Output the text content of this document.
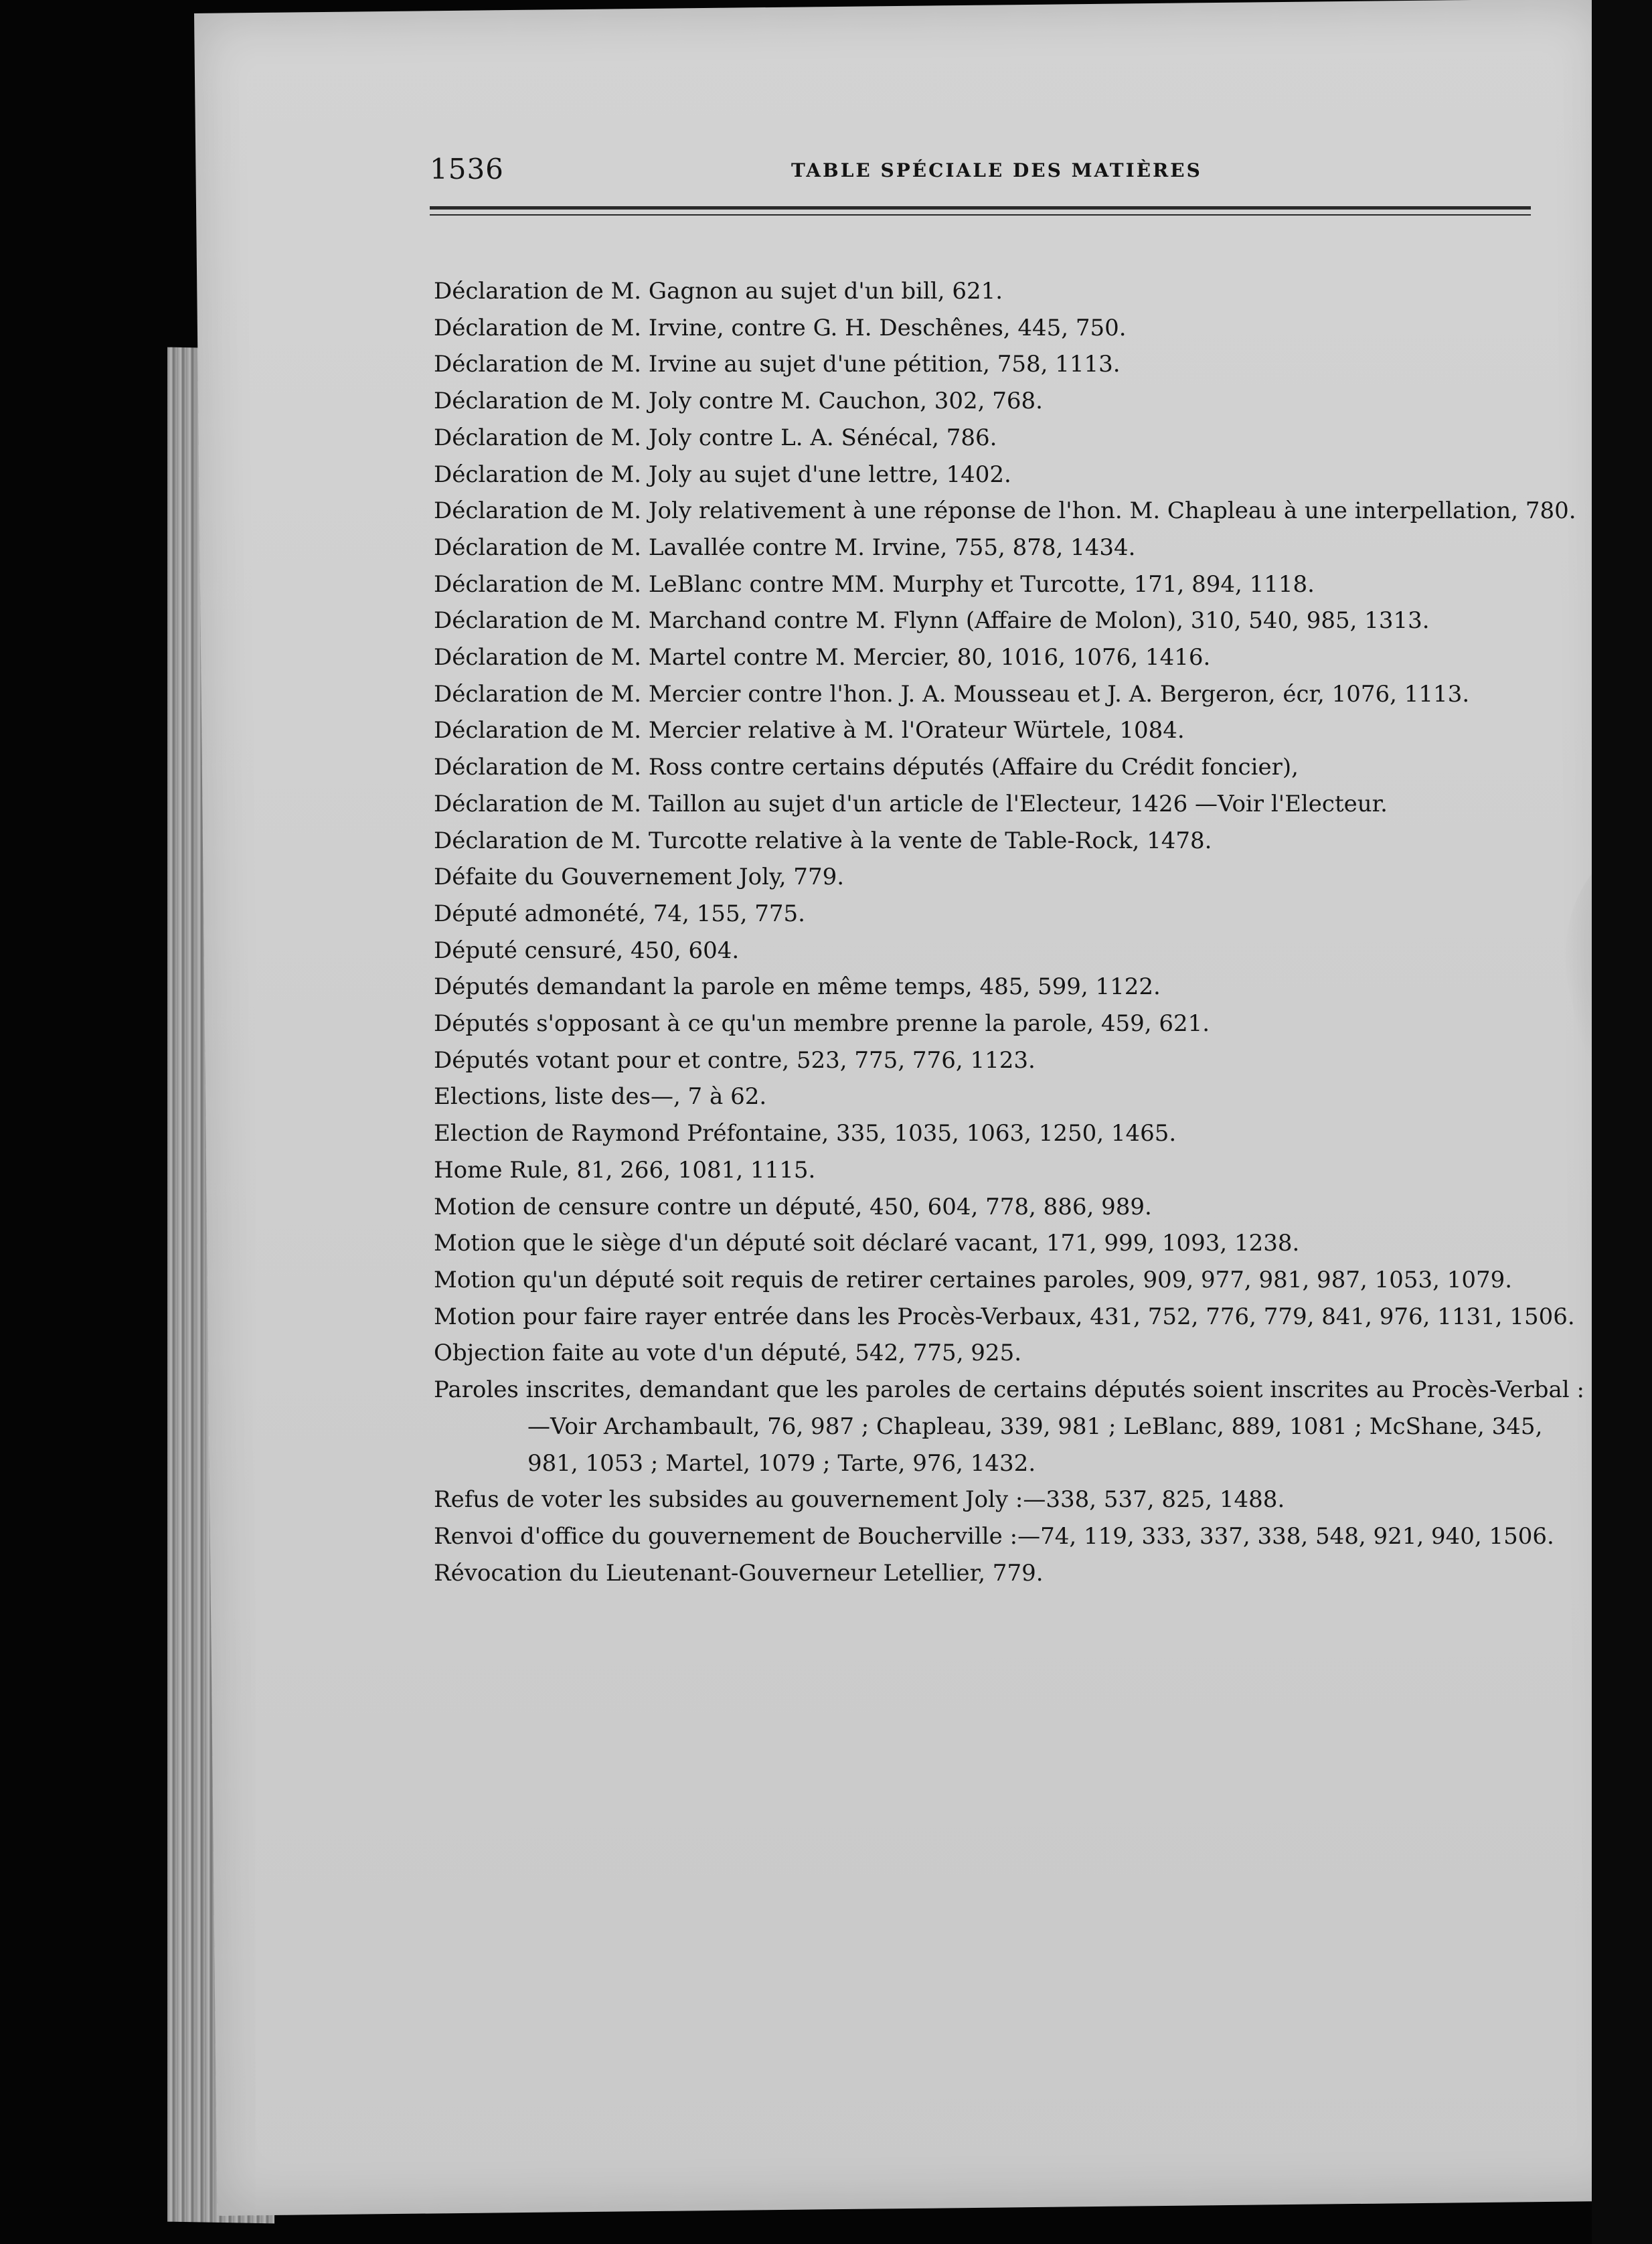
1536	TABLE SPÉCIALE DES MATIÈRES

Déclaration de M. Gagnon au sujet d'un bill, 621.

Déclaration de M. Irvine, contre G. H. Deschênes, 445, 750.

Déclaration de M. Irvine au sujet d'une pétition, 758, 1113.

Déclaration de M. Joly contre M. Cauchon, 302, 768.

Déclaration de M. Joly contre L. A. Sénécal, 786.

Déclaration de M. Joly au sujet d'une lettre, 1402.

Déclaration de M. Joly relativement à une réponse de l'hon. M. Chapleau à une interpellation, 780.

Déclaration de M. Lavallée contre M. Irvine, 755, 878, 1434.

Déclaration de M. LeBlanc contre MM. Murphy et Turcotte, 171, 894, 1118.

Déclaration de M. Marchand contre M. Flynn (Affaire de Molon), 310, 540, 985, 1313.

Déclaration de M. Martel contre M. Mercier, 80, 1016, 1076, 1416.

Déclaration de M. Mercier contre l'hon. J. A. Mousseau et J. A. Bergeron, écr, 1076, 1113.

Déclaration de M. Mercier relative à M. l'Orateur Würtele, 1084.

Déclaration de M. Ross contre certains députés (Affaire du Crédit foncier),

Déclaration de M. Taillon au sujet d'un article de l'Electeur, 1426 —Voir l'Electeur.

Déclaration de M. Turcotte relative à la vente de Table-Rock, 1478.

Défaite du Gouvernement Joly, 779.

Député admonété, 74, 155, 775.

Député censuré, 450, 604.

Députés demandant la parole en même temps, 485, 599, 1122.

Députés s'opposant à ce qu'un membre prenne la parole, 459, 621.

Députés votant pour et contre, 523, 775, 776, 1123.

Elections, liste des—, 7 à 62.

Election de Raymond Préfontaine, 335, 1035, 1063, 1250, 1465.

Home Rule, 81, 266, 1081, 1115.

Motion de censure contre un député, 450, 604, 778, 886, 989.

Motion que le siège d'un député soit déclaré vacant, 171, 999, 1093, 1238.

Motion qu'un député soit requis de retirer certaines paroles, 909, 977, 981, 987, 1053, 1079.

Motion pour faire rayer entrée dans les Procès-Verbaux, 431, 752, 776, 779, 841, 976, 1131, 1506.

Objection faite au vote d'un député, 542, 775, 925.

Paroles inscrites, demandant que les paroles de certains députés soient inscrites au Procès-Verbal :—Voir Archambault, 76, 987 ; Chapleau, 339, 981 ; LeBlanc, 889, 1081 ; McShane, 345, 981, 1053 ; Martel, 1079 ; Tarte, 976, 1432.

Refus de voter les subsides au gouvernement Joly :—338, 537, 825, 1488.

Renvoi d'office du gouvernement de Boucherville :—74, 119, 333, 337, 338, 548, 921, 940, 1506.

Révocation du Lieutenant-Gouverneur Letellier, 779.
